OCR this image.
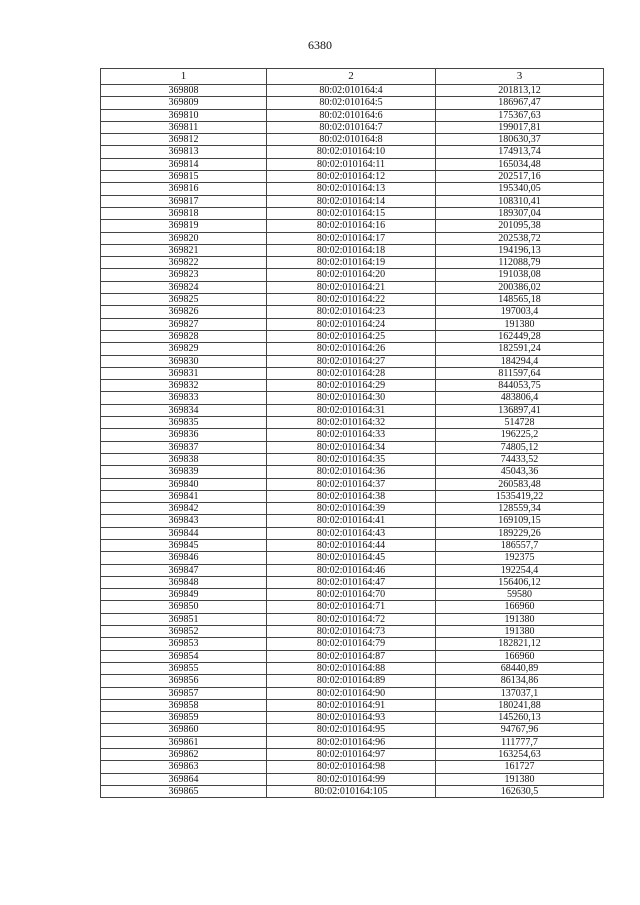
6380
1	2	3
369808	80:02:010164:4	201813,12
369809	80:02:010164:5	186967,47
369810	80:02:010164:6	175367,63
369811	80:02:010164:7	199017,81
369812	80:02:010164:8	180630,37
369813	80:02:010164:10	174913,74
369814	80:02:010164:11	165034,48
369815	80:02:010164:12	202517,16
369816	80:02:010164:13	195340,05
369817	80:02:010164:14	108310,41
369818	80:02:010164:15	189307,04
369819	80:02:010164:16	201095,38
369820	80:02:010164:17	202538,72
369821	80:02:010164:18	194196,13
369822	80:02:010164:19	112088,79
369823	80:02:010164:20	191038,08
369824	80:02:010164:21	200386,02
369825	80:02:010164:22	148565,18
369826	80:02:010164:23	197003,4
369827	80:02:010164:24	191380
369828	80:02:010164:25	162449,28
369829	80:02:010164:26	182591,24
369830	80:02:010164:27	184294,4
369831	80:02:010164:28	811597,64
369832	80:02:010164:29	844053,75
369833	80:02:010164:30	483806,4
369834	80:02:010164:31	136897,41
369835	80:02:010164:32	514728
369836	80:02:010164:33	196225,2
369837	80:02:010164:34	74805,12
369838	80:02:010164:35	74433,52
369839	80:02:010164:36	45043,36
369840	80:02:010164:37	260583,48
369841	80:02:010164:38	1535419,22
369842	80:02:010164:39	128559,34
369843	80:02:010164:41	169109,15
369844	80:02:010164:43	189229,26
369845	80:02:010164:44	186557,7
369846	80:02:010164:45	192375
369847	80:02:010164:46	192254,4
369848	80:02:010164:47	156406,12
369849	80:02:010164:70	59580
369850	80:02:010164:71	166960
369851	80:02:010164:72	191380
369852	80:02:010164:73	191380
369853	80:02:010164:79	182821,12
369854	80:02:010164:87	166960
369855	80:02:010164:88	68440,89
369856	80:02:010164:89	86134,86
369857	80:02:010164:90	137037,1
369858	80:02:010164:91	180241,88
369859	80:02:010164:93	145260,13
369860	80:02:010164:95	94767,96
369861	80:02:010164:96	111777,7
369862	80:02:010164:97	163254,63
369863	80:02:010164:98	161727
369864	80:02:010164:99	191380
369865	80:02:010164:105	162630,5
